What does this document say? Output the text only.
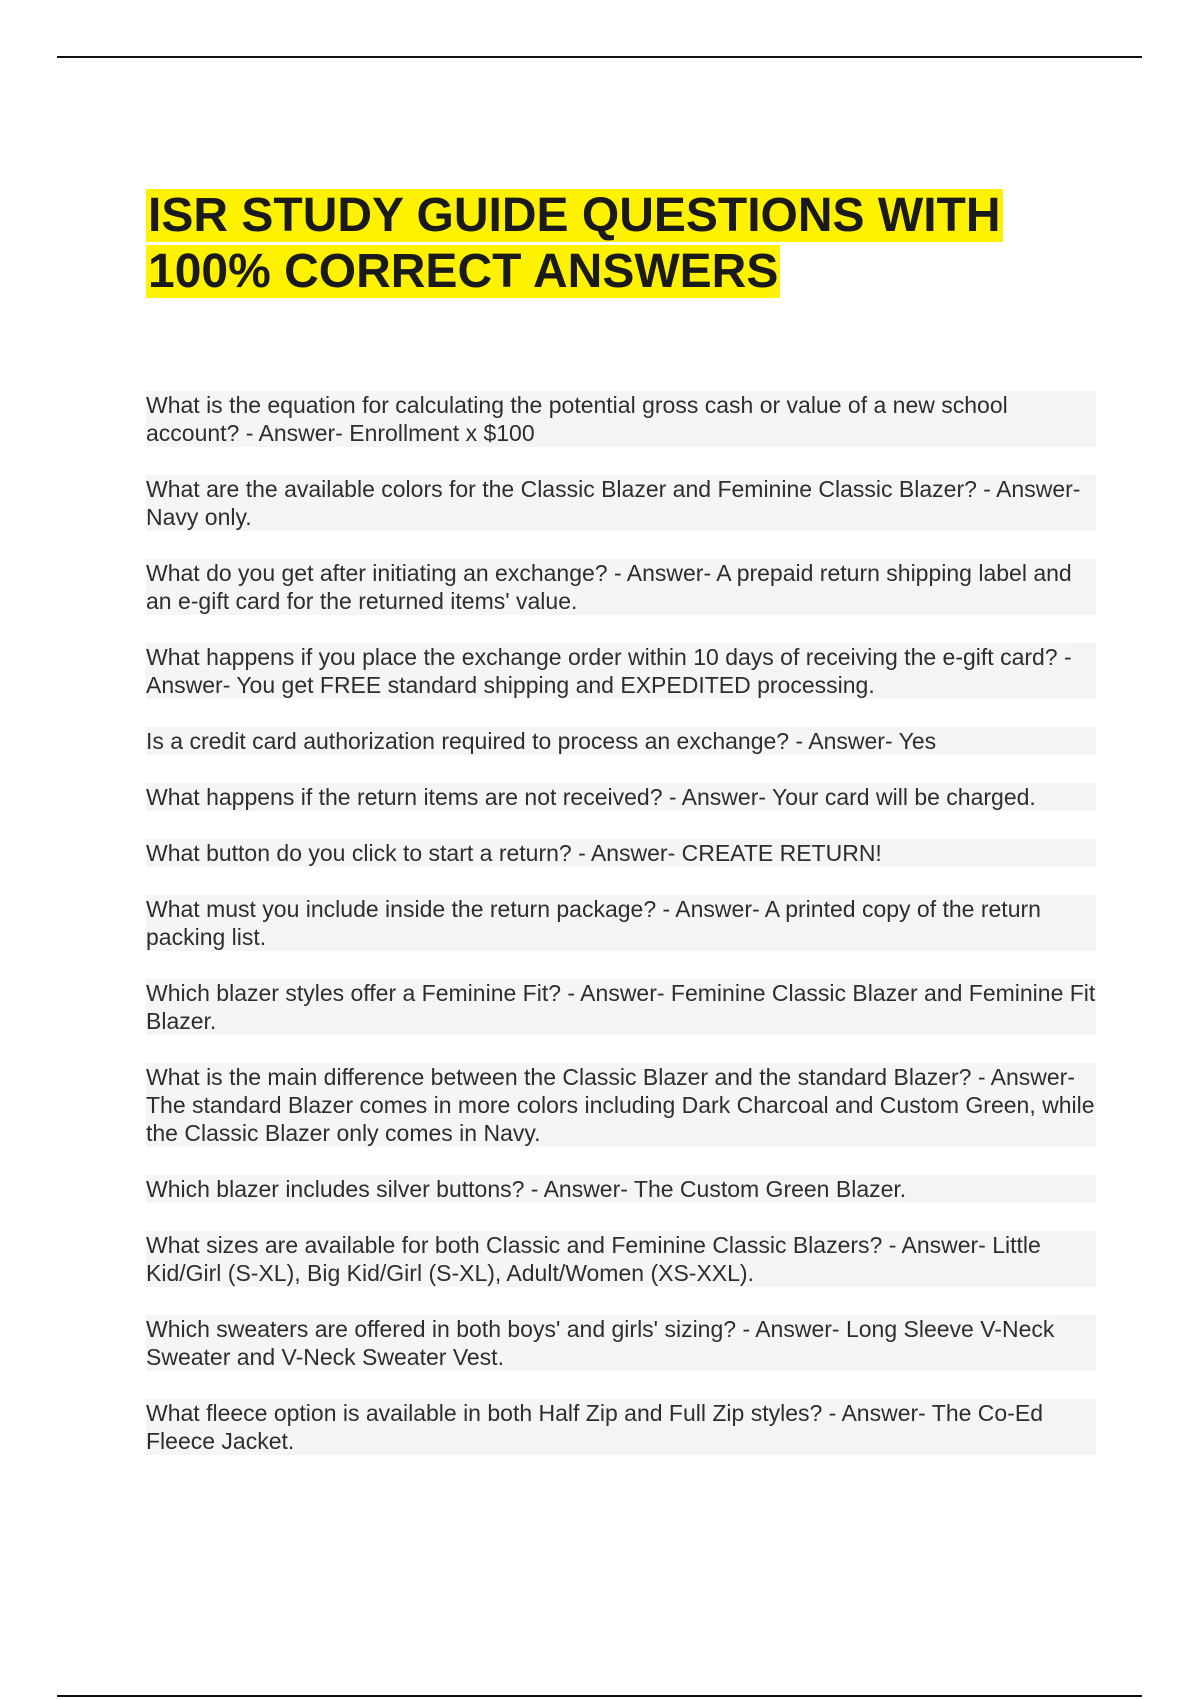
ISR STUDY GUIDE QUESTIONS WITH
100% CORRECT ANSWERS
What is the equation for calculating the potential gross cash or value of a new school account? - Answer- Enrollment x $100
What are the available colors for the Classic Blazer and Feminine Classic Blazer? - Answer- Navy only.
What do you get after initiating an exchange? - Answer- A prepaid return shipping label and an e-gift card for the returned items' value.
What happens if you place the exchange order within 10 days of receiving the e-gift card? - Answer- You get FREE standard shipping and EXPEDITED processing.
Is a credit card authorization required to process an exchange? - Answer- Yes
What happens if the return items are not received? - Answer- Your card will be charged.
What button do you click to start a return? - Answer- CREATE RETURN!
What must you include inside the return package? - Answer- A printed copy of the return packing list.
Which blazer styles offer a Feminine Fit? - Answer- Feminine Classic Blazer and Feminine Fit Blazer.
What is the main difference between the Classic Blazer and the standard Blazer? - Answer- The standard Blazer comes in more colors including Dark Charcoal and Custom Green, while the Classic Blazer only comes in Navy.
Which blazer includes silver buttons? - Answer- The Custom Green Blazer.
What sizes are available for both Classic and Feminine Classic Blazers? - Answer- Little Kid/Girl (S-XL), Big Kid/Girl (S-XL), Adult/Women (XS-XXL).
Which sweaters are offered in both boys' and girls' sizing? - Answer- Long Sleeve V-Neck Sweater and V-Neck Sweater Vest.
What fleece option is available in both Half Zip and Full Zip styles? - Answer- The Co-Ed Fleece Jacket.
